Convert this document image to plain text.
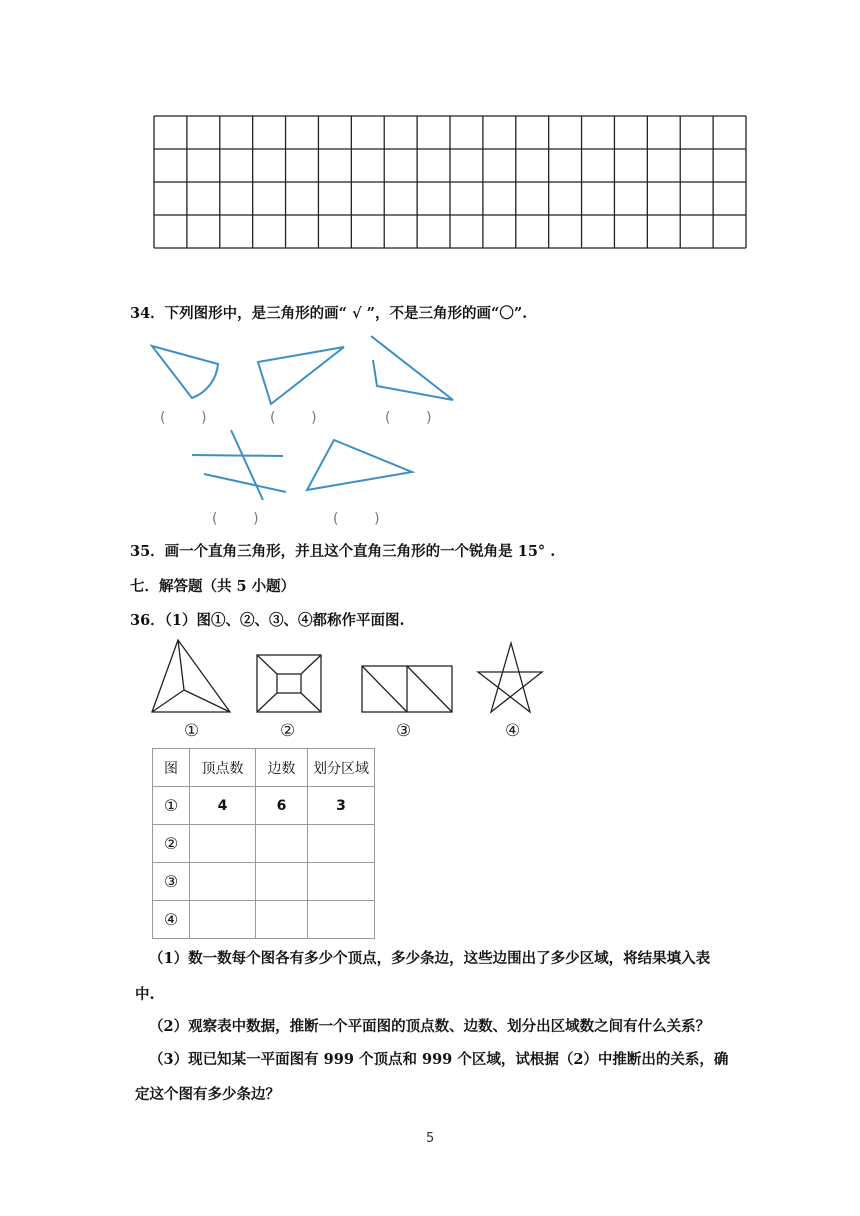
34．下列图形中，是三角形的画“ √ ”，不是三角形的画“〇”.
(        )	(        )	(        )
(        )	(        )
35．画一个直角三角形，并且这个直角三角形的一个锐角是 15° .
七．解答题（共 5 小题）
36．（1）图①、②、③、④都称作平面图.
①	②	③	④
图	顶点数	边数	划分区域
①	4	6	3
②			
③			
④			
（1）数一数每个图各有多少个顶点，多少条边，这些边围出了多少区域，将结果填入表
中.
（2）观察表中数据，推断一个平面图的顶点数、边数、划分出区域数之间有什么关系？
（3）现已知某一平面图有 999 个顶点和 999 个区域，试根据（2）中推断出的关系，确
定这个图有多少条边？
5
